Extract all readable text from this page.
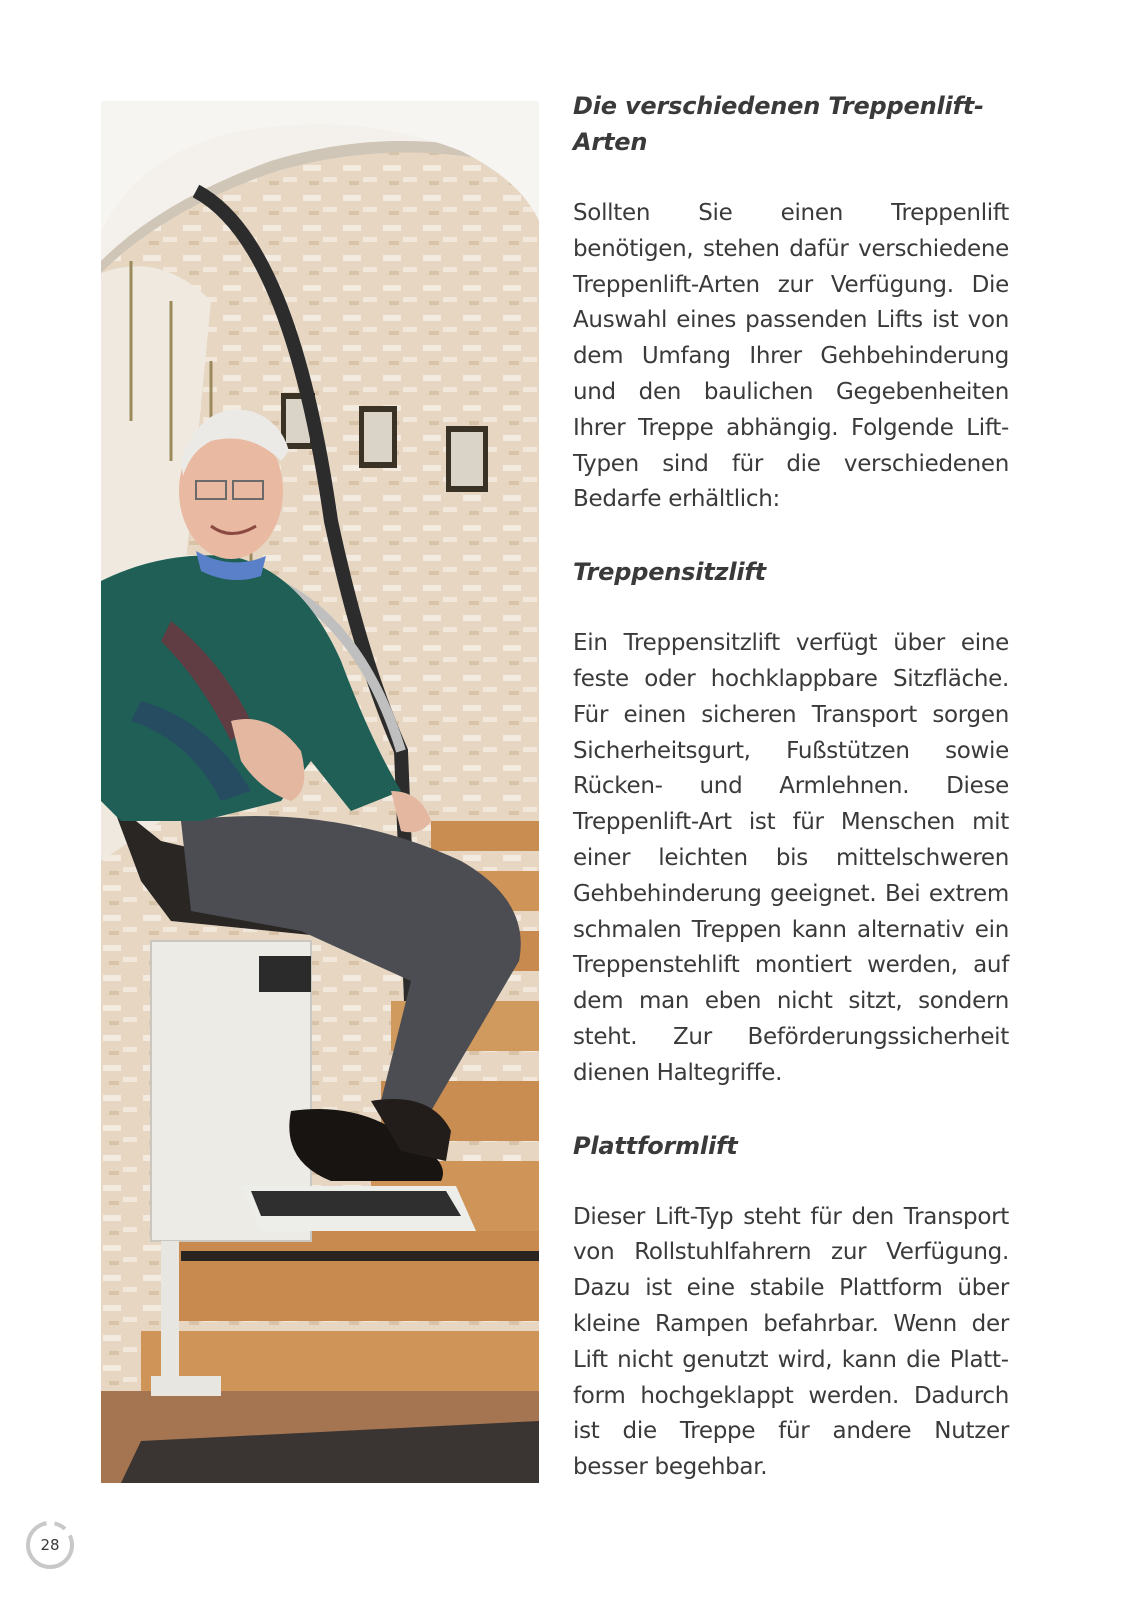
Die verschiedenen Treppenlift-Arten

Sollten Sie einen Treppenlift benötigen, stehen dafür verschiedene Treppenlift-Arten zur Verfügung. Die Auswahl eines passenden Lifts ist von dem Umfang Ihrer Gehbehinderung und den baulichen Gegebenheiten Ihrer Treppe abhängig. Folgende Lift-Typen sind für die verschiedenen Bedarfe erhältlich:

Treppensitzlift

Ein Treppensitzlift verfügt über eine feste oder hochklappbare Sitzfläche. Für einen sicheren Transport sorgen Sicherheitsgurt, Fußstützen sowie Rücken- und Armlehnen. Diese Treppenlift-Art ist für Menschen mit einer leichten bis mittelschweren Gehbehinderung geeignet. Bei extrem schmalen Treppen kann alternativ ein Treppenstehlift montiert werden, auf dem man eben nicht sitzt, sondern steht. Zur Beförderungssicherheit dienen Haltegriffe.

Plattformlift

Dieser Lift-Typ steht für den Transport von Rollstuhlfahrern zur Verfügung. Dazu ist eine stabile Plattform über kleine Rampen befahrbar. Wenn der Lift nicht genutzt wird, kann die Plattform hochgeklappt werden. Dadurch ist die Treppe für andere Nutzer besser begehbar.

28
